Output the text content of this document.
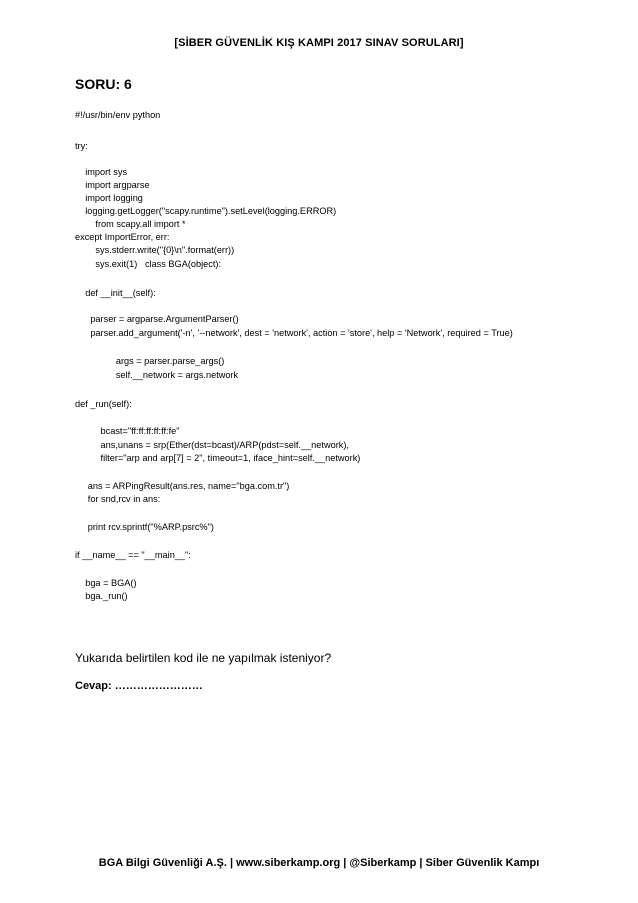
[SİBER GÜVENLİK KIŞ KAMPI 2017 SINAV SORULARI]
SORU: 6
#!/usr/bin/env python
try:
import sys
import argparse
import logging
logging.getLogger("scapy.runtime").setLevel(logging.ERROR)
from scapy.all import *
except ImportError, err:
sys.stderr.write("{0}\n".format(err))
sys.exit(1)   class BGA(object):
def __init__(self):
parser = argparse.ArgumentParser()
parser.add_argument('-n', '--network', dest = 'network', action = 'store', help = 'Network', required = True)
args = parser.parse_args()
self.__network = args.network
def _run(self):
bcast="ff:ff:ff:ff:ff:fe"
ans,unans = srp(Ether(dst=bcast)/ARP(pdst=self.__network),
filter="arp and arp[7] = 2", timeout=1, iface_hint=self.__network)
ans = ARPingResult(ans.res, name="bga.com.tr")
for snd,rcv in ans:
print rcv.sprintf("%ARP.psrc%")
if __name__ == "__main__":
bga = BGA()
bga._run()
Yukarıda belirtilen kod ile ne yapılmak isteniyor?
Cevap: ……………………
BGA Bilgi Güvenliği A.Ş. | www.siberkamp.org | @Siberkamp | Siber Güvenlik Kampı
